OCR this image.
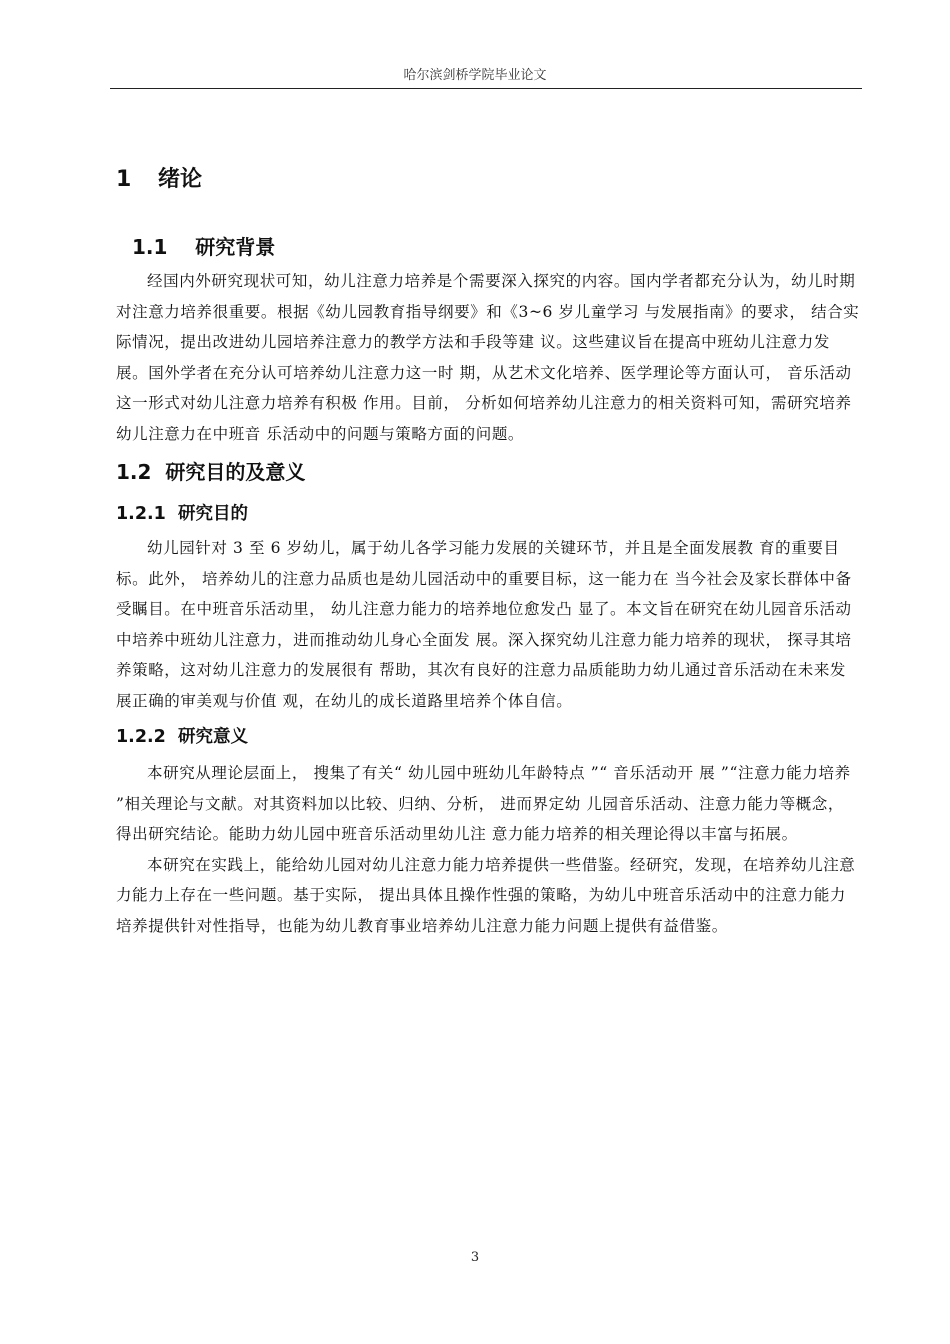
哈尔滨剑桥学院毕业论文
1 绪论
1.1 研究背景

经国内外研究现状可知，幼儿注意力培养是个需要深入探究的内容。国内学者都充分认为，幼儿时期对注意力培养很重要。根据《幼儿园教育指导纲要》和《3~6 岁儿童学习 与发展指南》的要求， 结合实际情况，提出改进幼儿园培养注意力的教学方法和手段等建 议。这些建议旨在提高中班幼儿注意力发展。国外学者在充分认可培养幼儿注意力这一时 期，从艺术文化培养、医学理论等方面认可， 音乐活动这一形式对幼儿注意力培养有积极 作用。目前， 分析如何培养幼儿注意力的相关资料可知，需研究培养幼儿注意力在中班音 乐活动中的问题与策略方面的问题。

1.2 研究目的及意义
1.2.1 研究目的

幼儿园针对 3 至 6 岁幼儿，属于幼儿各学习能力发展的关键环节，并且是全面发展教 育的重要目标。此外， 培养幼儿的注意力品质也是幼儿园活动中的重要目标，这一能力在 当今社会及家长群体中备受瞩目。在中班音乐活动里， 幼儿注意力能力的培养地位愈发凸 显了。本文旨在研究在幼儿园音乐活动中培养中班幼儿注意力，进而推动幼儿身心全面发 展。深入探究幼儿注意力能力培养的现状， 探寻其培养策略，这对幼儿注意力的发展很有 帮助，其次有良好的注意力品质能助力幼儿通过音乐活动在未来发展正确的审美观与价值 观，在幼儿的成长道路里培养个体自信。

1.2.2 研究意义

本研究从理论层面上， 搜集了有关“ 幼儿园中班幼儿年龄特点 ”“ 音乐活动开 展 ”“注意力能力培养 ”相关理论与文献。对其资料加以比较、归纳、分析， 进而界定幼 儿园音乐活动、注意力能力等概念， 得出研究结论。能助力幼儿园中班音乐活动里幼儿注 意力能力培养的相关理论得以丰富与拓展。

本研究在实践上，能给幼儿园对幼儿注意力能力培养提供一些借鉴。经研究，发现，在培养幼儿注意力能力上存在一些问题。基于实际， 提出具体且操作性强的策略，为幼儿中班音乐活动中的注意力能力培养提供针对性指导，也能为幼儿教育事业培养幼儿注意力能力问题上提供有益借鉴。

3
